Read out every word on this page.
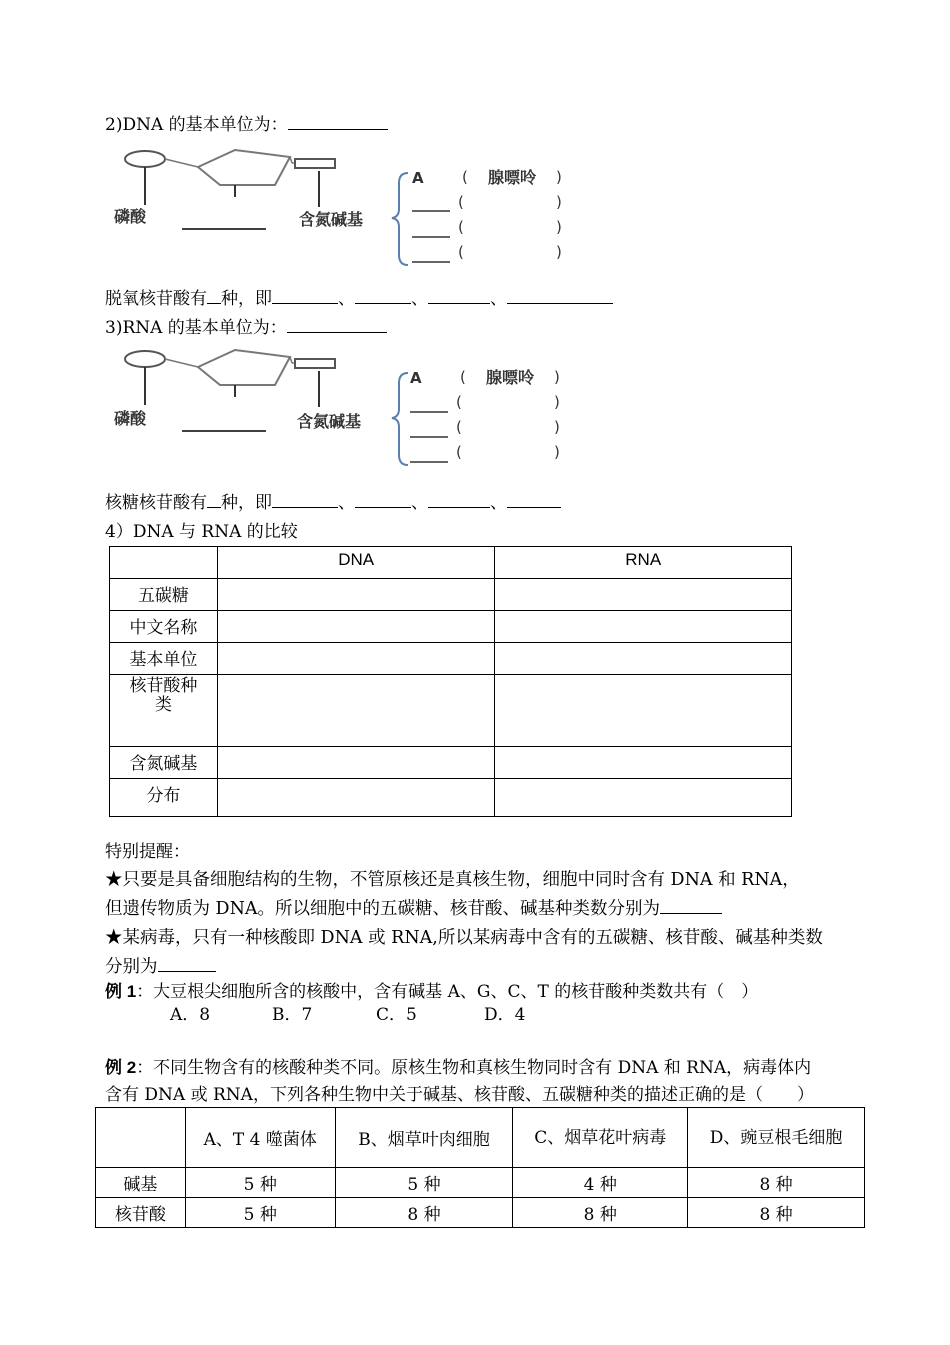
2)DNA 的基本单位为：
磷酸	含氮碱基
A	( 腺嘌呤 )
(	)
(	)
(	)
脱氧核苷酸有 种，即	、	、	、
3)RNA 的基本单位为：
磷酸	含氮碱基
A	( 腺嘌呤 )
(	)
(	)
(	)
核糖核苷酸有 种，即	、	、	、
4）DNA 与 RNA 的比较
	DNA	RNA
五碳糖		
中文名称		
基本单位		
核苷酸种类		
含氮碱基		
分布		
特别提醒：
★只要是具备细胞结构的生物，不管原核还是真核生物，细胞中同时含有 DNA 和 RNA，
但遗传物质为 DNA。所以细胞中的五碳糖、核苷酸、碱基种类数分别为
★某病毒，只有一种核酸即 DNA 或 RNA,所以某病毒中含有的五碳糖、核苷酸、碱基种类数
分别为
例 1：大豆根尖细胞所含的核酸中，含有碱基 A、G、C、T 的核苷酸种类数共有（　）
A．8	B．7	C．5	D．4
例 2：不同生物含有的核酸种类不同。原核生物和真核生物同时含有 DNA 和 RNA，病毒体内
含有 DNA 或 RNA，下列各种生物中关于碱基、核苷酸、五碳糖种类的描述正确的是（　　）
	A、T 4 噬菌体	B、烟草叶肉细胞	C、烟草花叶病毒	D、豌豆根毛细胞
碱基	5 种	5 种	4 种	8 种
核苷酸	5 种	8 种	8 种	8 种
